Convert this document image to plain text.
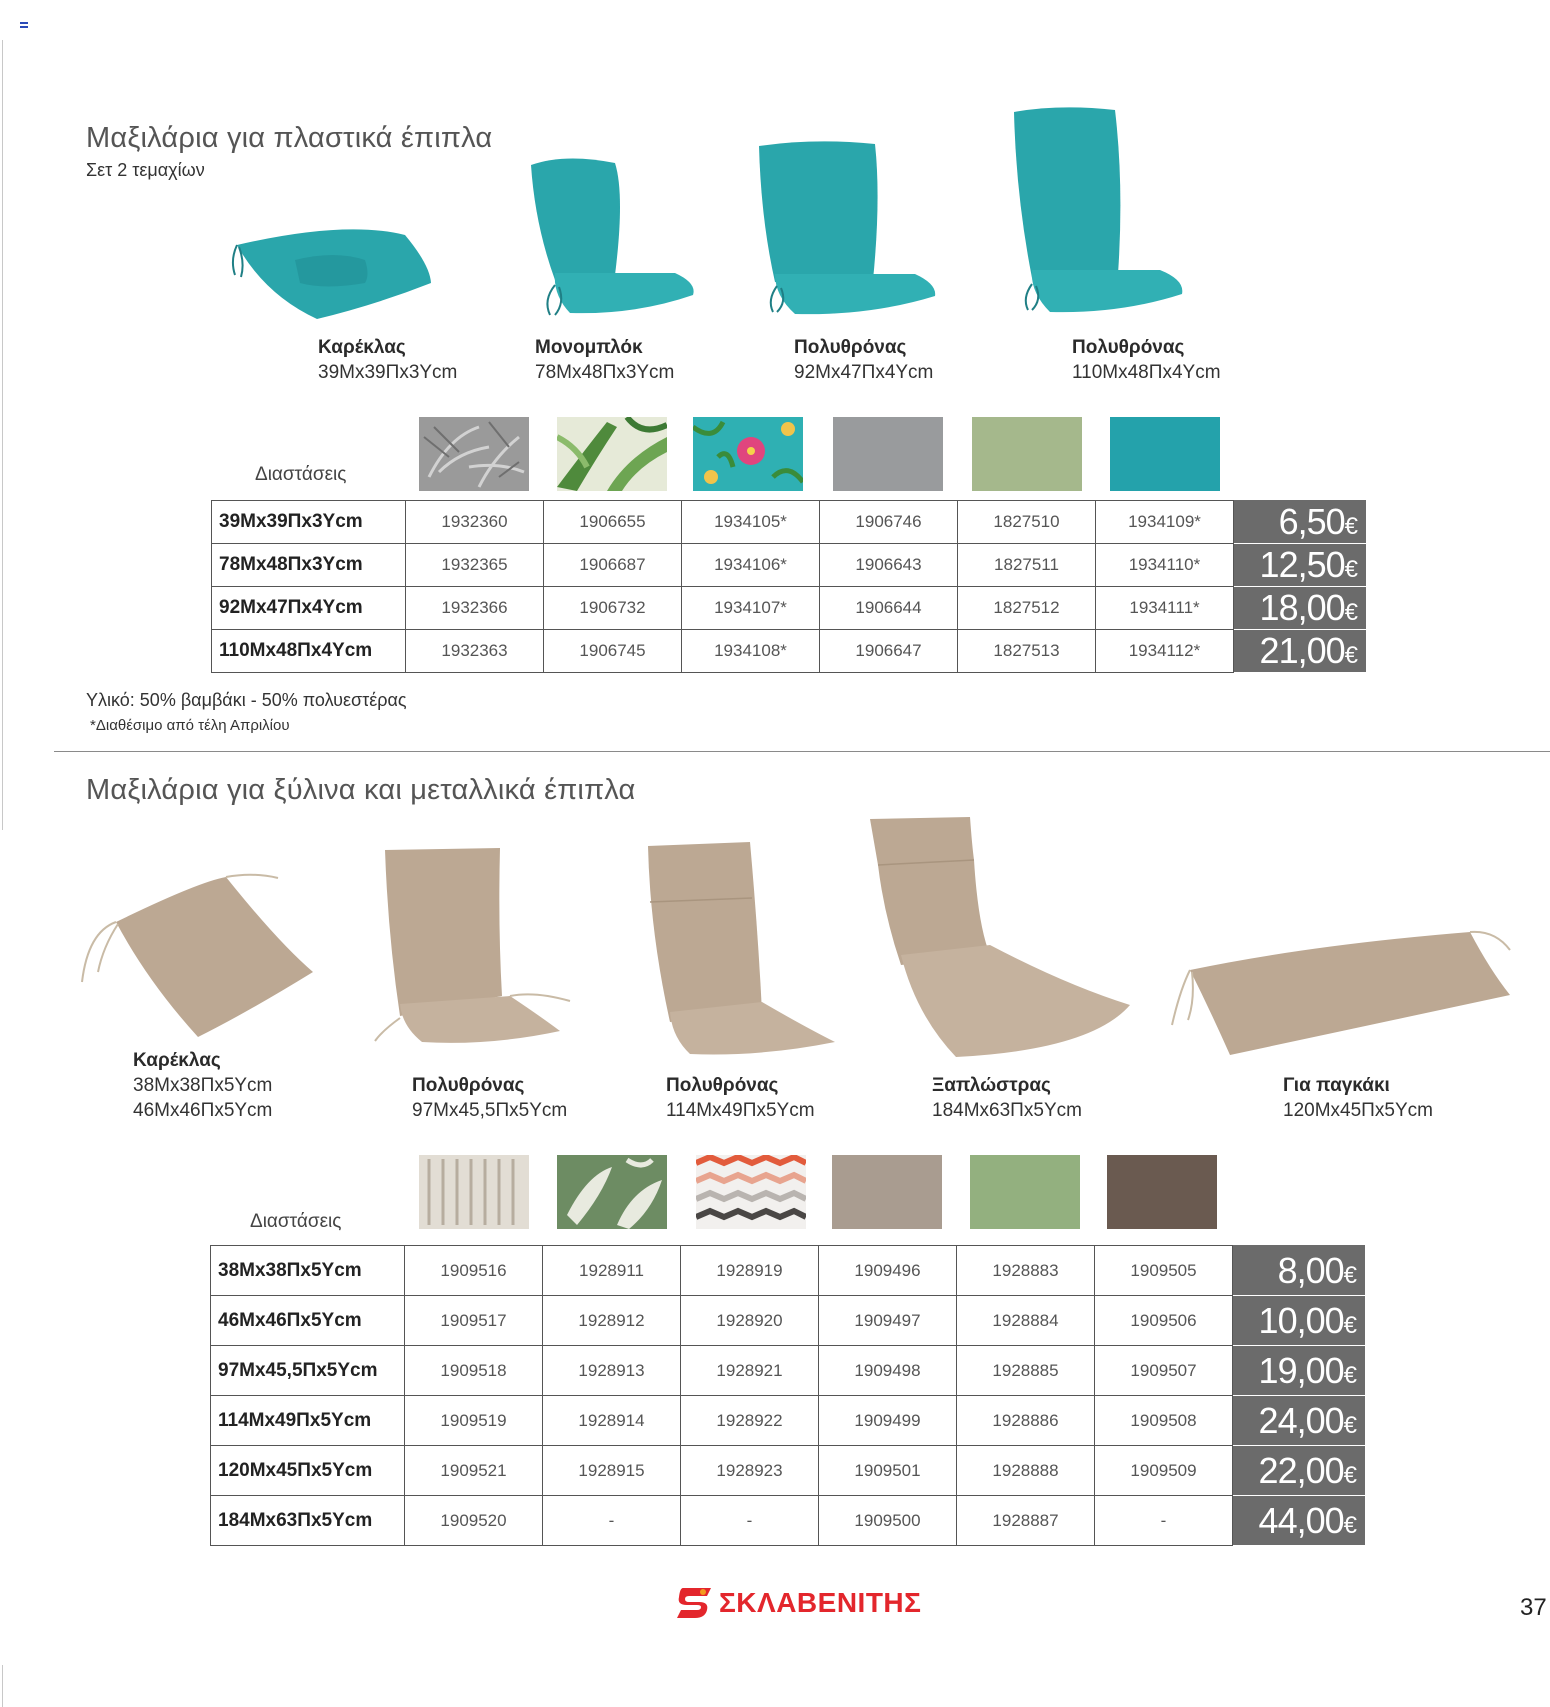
Μαξιλάρια για πλαστικά έπιπλα
Σετ 2 τεμαχίων
Καρέκλας
39Mx39Πx3Ycm
Μονομπλόκ
78Mx48Πx3Ycm
Πολυθρόνας
92Mx47Πx4Ycm
Πολυθρόνας
110Mx48Πx4Ycm
Διαστάσεις
39Mx39Πx3Ycm	1932360	1906655	1934105*	1906746	1827510	1934109*	6,50€
78Mx48Πx3Ycm	1932365	1906687	1934106*	1906643	1827511	1934110*	12,50€
92Mx47Πx4Ycm	1932366	1906732	1934107*	1906644	1827512	1934111*	18,00€
110Mx48Πx4Ycm	1932363	1906745	1934108*	1906647	1827513	1934112*	21,00€
Υλικό: 50% βαμβάκι - 50% πολυεστέρας
*Διαθέσιμο από τέλη Απριλίου
Μαξιλάρια για ξύλινα και μεταλλικά έπιπλα
Καρέκλας
38Mx38Πx5Ycm
46Mx46Πx5Ycm
Πολυθρόνας
97Mx45,5Πx5Ycm
Πολυθρόνας
114Mx49Πx5Ycm
Ξαπλώστρας
184Mx63Πx5Ycm
Για παγκάκι
120Mx45Πx5Ycm
Διαστάσεις
38Mx38Πx5Ycm	1909516	1928911	1928919	1909496	1928883	1909505	8,00€
46Mx46Πx5Ycm	1909517	1928912	1928920	1909497	1928884	1909506	10,00€
97Mx45,5Πx5Ycm	1909518	1928913	1928921	1909498	1928885	1909507	19,00€
114Mx49Πx5Ycm	1909519	1928914	1928922	1909499	1928886	1909508	24,00€
120Mx45Πx5Ycm	1909521	1928915	1928923	1909501	1928888	1909509	22,00€
184Mx63Πx5Ycm	1909520	-	-	1909500	1928887	-	44,00€
ΣΚΛΑΒΕΝΙΤΗΣ	37
